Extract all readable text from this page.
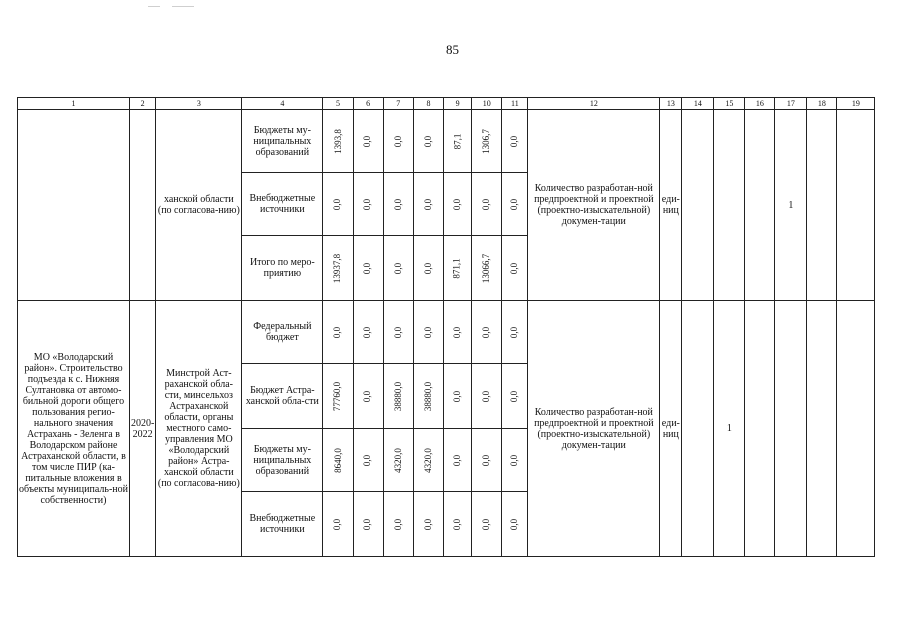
85
1	2	3	4	5	6	7	8	9	10	11	12	13	14	15	16	17	18	19

		ханской области (по согласова-нию)	Бюджеты му-ниципальных образований	1393,8	0,0	0,0	0,0	87,1	1306,7	0,0	Количество разработан-ной предпроектной и проектной (проектно-изыскательной) докумен-тации	еди-ниц				1		
			Внебюджетные источники	0,0	0,0	0,0	0,0	0,0	0,0	0,0								
			Итого по меро-приятию	13937,8	0,0	0,0	0,0	871,1	13066,7	0,0								

МО «Володарский район». Строительство подъезда к с. Нижняя Султановка от автомо-бильной дороги общего пользования регио-нального значения Астрахань - Зеленга в Володарском районе Астраханской области, в том числе ПИР (ка-питальные вложения в объекты муниципаль-ной собственности)	2020-2022	Минстрой Аст-раханской обла-сти, минсельхоз Астраханской области, органы местного само-управления МО «Володарский район» Астра-ханской области (по согласова-нию)	Федеральный бюджет	0,0	0,0	0,0	0,0	0,0	0,0	0,0	Количество разработан-ной предпроектной и проектной (проектно-изыскательной) докумен-тации	еди-ниц		1				
			Бюджет Астра-ханской обла-сти	77760,0	0,0	38880,0	38880,0	0,0	0,0	0,0								
			Бюджеты му-ниципальных образований	8640,0	0,0	4320,0	4320,0	0,0	0,0	0,0								
			Внебюджетные источники	0,0	0,0	0,0	0,0	0,0	0,0	0,0								
